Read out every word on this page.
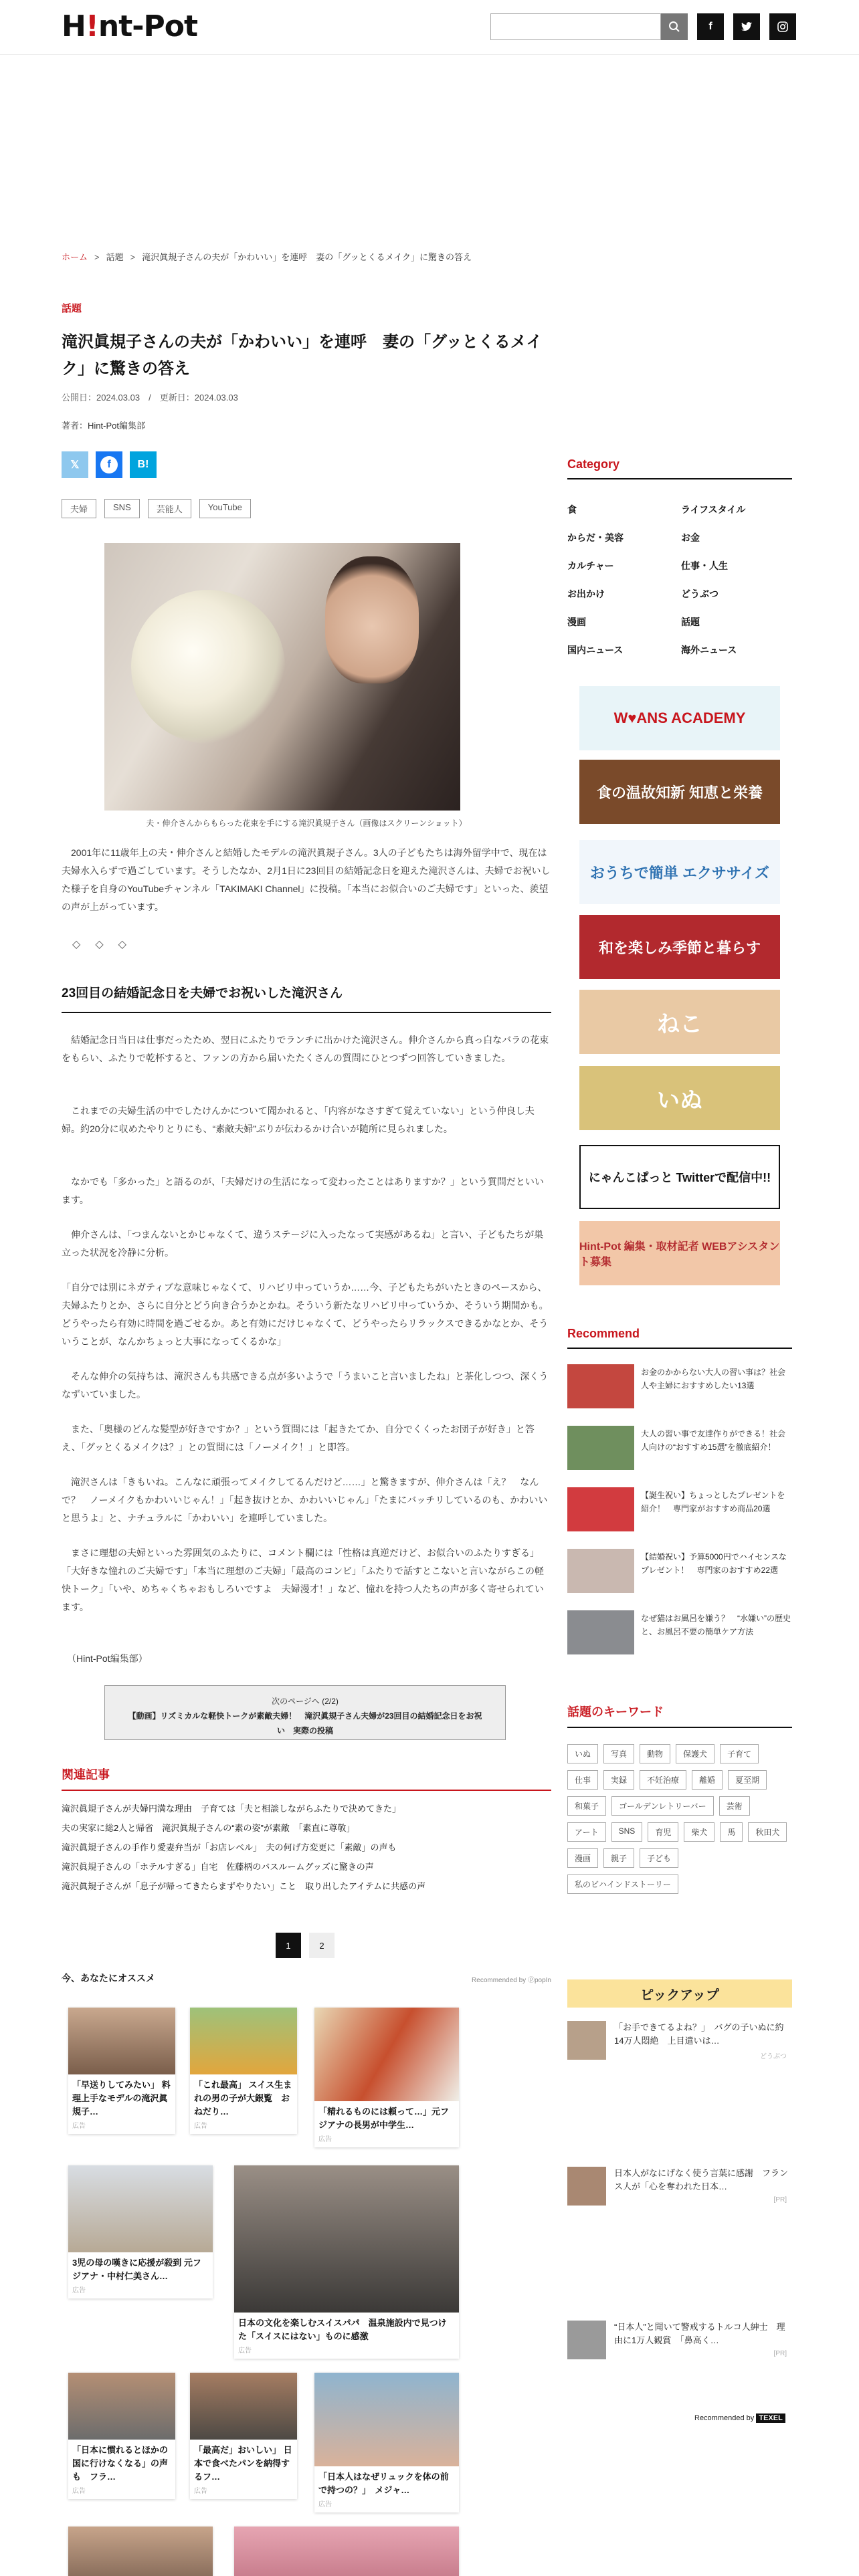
H!nt-Pot	f
ホーム > 話題 > 滝沢眞規子さんの夫が「かわいい」を連呼　妻の「グッとくるメイク」に驚きの答え
話題
滝沢眞規子さんの夫が「かわいい」を連呼　妻の「グッとくるメイク」に驚きの答え
公開日：2024.03.03　 /　 更新日：2024.03.03
著者：Hint-Pot編集部
𝕏	f	B!
夫婦	SNS	芸能人	YouTube
夫・伸介さんからもらった花束を手にする滝沢眞規子さん（画像はスクリーンショット）

　2001年に11歳年上の夫・伸介さんと結婚したモデルの滝沢眞規子さん。3人の子どもたちは海外留学中で、現在は夫婦水入らずで過ごしています。そうしたなか、2月1日に23回目の結婚記念日を迎えた滝沢さんは、夫婦でお祝いした様子を自身のYouTubeチャンネル「TAKIMAKI Channel」に投稿。「本当にお似合いのご夫婦です」といった、羨望の声が上がっています。

◇ ◇ ◇
23回目の結婚記念日を夫婦でお祝いした滝沢さん

　結婚記念日当日は仕事だったため、翌日にふたりでランチに出かけた滝沢さん。伸介さんから真っ白なバラの花束をもらい、ふたりで乾杯すると、ファンの方から届いたたくさんの質問にひとつずつ回答していきました。

　これまでの夫婦生活の中でしたけんかについて聞かれると、「内容がなさすぎて覚えていない」という仲良し夫婦。約20分に収めたやりとりにも、“素敵夫婦”ぶりが伝わるかけ合いが随所に見られました。

　なかでも「多かった」と語るのが、「夫婦だけの生活になって変わったことはありますか？」という質問だといいます。

　伸介さんは、「つまんないとかじゃなくて、違うステージに入ったなって実感があるね」と言い、子どもたちが巣立った状況を冷静に分析。

「自分では別にネガティブな意味じゃなくて、リハビリ中っていうか……今、子どもたちがいたときのペースから、夫婦ふたりとか、さらに自分とどう向き合うかとかね。そういう新たなリハビリ中っていうか、そういう期間かも。どうやったら有効に時間を過ごせるか。あと有効にだけじゃなくて、どうやったらリラックスできるかなとか、そういうことが、なんかちょっと大事になってくるかな」

　そんな伸介の気持ちは、滝沢さんも共感できる点が多いようで「うまいこと言いましたね」と茶化しつつ、深くうなずいていました。

　また、「奥様のどんな髪型が好きですか？」という質問には「起きたてか、自分でくくったお団子が好き」と答え、「グッとくるメイクは？」との質問には「ノーメイク！」と即答。

　滝沢さんは「きもいね。こんなに頑張ってメイクしてるんだけど……」と驚きますが、伸介さんは「え？　なんで？　ノーメイクもかわいいじゃん！」「起き抜けとか、かわいいじゃん」「たまにバッチリしているのも、かわいいと思うよ」と、ナチュラルに「かわいい」を連呼していました。

　まさに理想の夫婦といった雰囲気のふたりに、コメント欄には「性格は真逆だけど、お似合いのふたりすぎる」「大好きな憧れのご夫婦です」「本当に理想のご夫婦」「最高のコンビ」「ふたりで話すとこないと言いながらこの軽快トーク」「いや、めちゃくちゃおもしろいですよ　夫婦漫才！」など、憧れを持つ人たちの声が多く寄せられています。

（Hint-Pot編集部）
次のページへ (2/2)
【動画】リズミカルな軽快トークが素敵夫婦！　滝沢眞規子さん夫婦が23回目の結婚記念日をお祝い　実際の投稿
関連記事
滝沢眞規子さんが夫婦円満な理由　子育ては「夫と相談しながらふたりで決めてきた」
夫の実家に総2人と帰省　滝沢眞規子さんの“素の姿”が素敵　「素直に尊敬」
滝沢眞規子さんの手作り愛妻弁当が「お店レベル」　夫の何げ方変更に「素敵」の声も
滝沢眞規子さんの「ホテルすぎる」自宅　佐藤柄のバスルームグッズに驚きの声
滝沢眞規子さんが「息子が帰ってきたらまずやりたい」こと　取り出したアイテムに共感の声
1	2
今、あなたにオススメ	Recommended by ⓟpopIn
「早送りしてみたい」 料理上手なモデルの滝沢眞規子…
広告
「これ最高」 スイス生まれの男の子が大銀覧　おねだり…
広告
「精れるものには頼って…」元フジアナの長男が中学生…
広告
3児の母の嘆きに応援が殺到 元フジアナ・中村仁美さん…
広告
日本の文化を楽しむスイスパパ　温泉施設内で見つけた「スイスにはない」ものに感激
広告
「日本に慣れるとほかの国に行けなくなる」の声も　フラ…
広告
「最高だ」おいしい」 日本で食べたパンを納得するフ…
広告
「日本人はなぜリュックを体の前で持つの？」　メジャ…
広告
Category
食	ライフスタイル
からだ・美容	お金
カルチャー	仕事・人生
お出かけ	どうぶつ
漫画	話題
国内ニュース	海外ニュース
W♥ANS ACADEMY
食の温故知新 知恵と栄養
おうちで簡単 エクササイズ
和を楽しみ季節と暮らす
ねこ
いぬ
にゃんこぱっと Twitterで配信中!!
Hint-Pot 編集・取材記者 WEBアシスタント募集
Recommend
お金のかからない大人の習い事は？社会人や主婦におすすめしたい13選
大人の習い事で友達作りができる！社会人向けの“おすすめ15選”を徹底紹介！
【誕生祝い】ちょっとしたプレゼントを紹介！　専門家がおすすめ商品20選
【結婚祝い】予算5000円でハイセンスなプレゼント！　専門家のおすすめ22選
なぜ猫はお風呂を嫌う？　“水嫌い”の歴史と、お風呂不要の簡単ケア方法
話題のキーワード
いぬ	写真	動物	保護犬	子育て
仕事	実録	不妊治療	離婚	夏至期
和菓子	ゴールデンレトリーバー	芸術
アート	SNS	育児	柴犬	馬	秋田犬
漫画	親子	子ども
私のビハインドストーリー
ピックアップ
「お手できてるよね？」　バグの子いぬに約14万人悶絶　上目遣いは…
どうぶつ
日本人がなにげなく使う言葉に感謝　フランス人が「心を奪われた日本…
[PR]
“日本人”と聞いて警戒するトルコ人紳士　理由に1万人観賞　「鼻高く…
[PR]
Recommended by TEXEL
